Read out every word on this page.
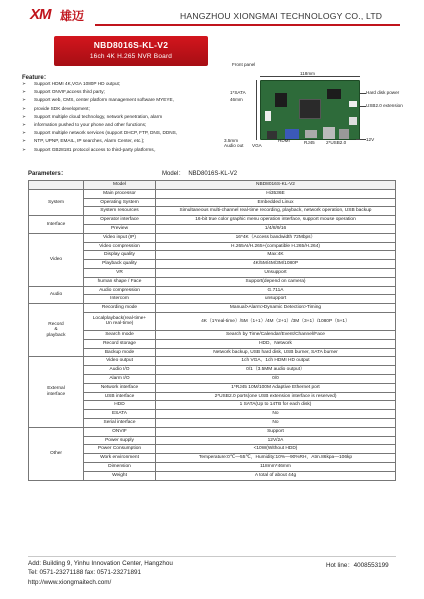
XM 雄迈	HANGZHOU XIONGMAI TECHNOLOGY CO., LTD
NBD8016S-KL-V2
16ch 4K H.265 NVR Board
Feature：
➢ Support HDMI 4K,VGA 1080P HD output;
➢ Support ONVIF,access third party;
➢ Support web, CMS, center platform management software MYEYE,
➢ provide SDK development;
➢ Support multiple cloud technology, network penetration, alarm
➢ information pushed to your phone and other functions;
➢ Support multiple network services (support DHCP, FTP, DNS, DDNS,
➢ NTP, UPNP, EMAIL, IP searches, Alarm Center, etc.);
➢ Support GB28181 protocol access to third-party platforms。
Front panel
118mm
1*SATA
46mm
Hard disk power
USB2.0 extension
3.5mm
Audio out VGA
HDMI	RJ45 2*USB2.0
12V
Parameters：	Model： NBD8016S-KL-V2
	Model	NBD8016S-KL-V2
System	Main processor	Hi3536E
	Operating System	Embedded Linux
	System resources	Simultaneous multi-channel real-time recording, playback, network operation, USB backup
Interface	Operator interface	16-bit true color graphic menu operation interface, support mouse operation
	Preview	1/4/8/9/16
Video	Video input (IP)	16*4K（Access bandwidth 72Mbps）
	Video compression	H.265AI/H.265+(compatible H.265/H.264)
	Display quality	Max:4K
	Playback quality	4K/5M/4M/3M/1080P
	VR	Unsupport
	human shape / Face	Support(depend on camera)
Audio	Audio compression	G.711A
	Intercom	unsupport
Record
&
playback	Recording mode	Manual>Alarm>Dynamic Detection>Timing
	Localplayback(real-time+
Un real-time)	4K（1*real-time）/5M（1+1）/4M（2+1）/3M（3+1）/1080P（5+1）
	Search mode	Search by Time/Calendar/Event/Channel/Face
	Record storage	HDD、Network
	Backup mode	Network backup, USB hard disk, USB burner, SATA burner
External
interface	Video output	1ch VGA、1ch HDMI HD output
	Audio I/O	0/1（3.5MM audio output）
	Alarm I/O	0/0
	Network interface	1*RJ45 10M/100M Adaptive Ethernet port
	USB interface	2*USB2.0 ports(one USB extension interface is reserved)
	HDD	1 SATA(Up to 14TB for each disk)
	ESATA	No
	Serial interface	No
Other	ONVIF	Support
	Power supply	12V/2A
	Power Consumption	<10W(Without HDD)
	Work environment	Temperature:0℃—55℃，Humidity:10%—90%RH，Atm.86kpa—106kp
	Dimension	118mm*46mm
	Weight	A total of about 44g
Add: Building 9, Yinhu Innovation Center, Hangzhou
Tel: 0571-23271188 fax: 0571-23271891
Hot line：4008553199
http://www.xiongmaitech.com/
